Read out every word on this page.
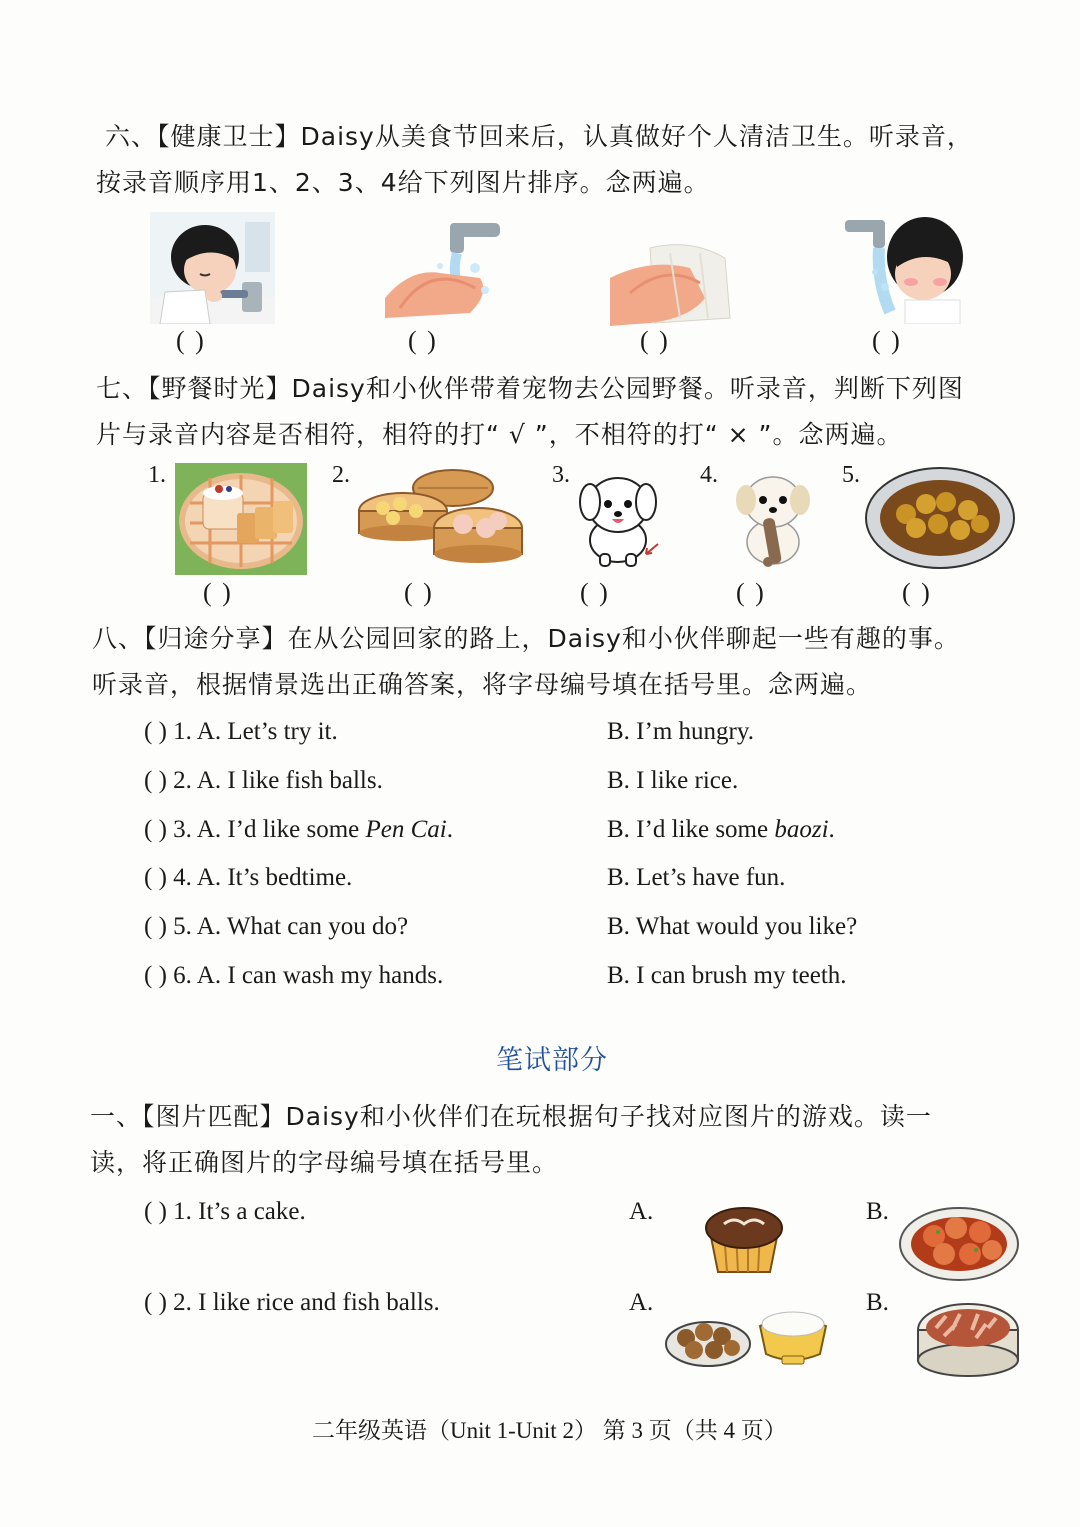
六、【健康卫士】Daisy从美食节回来后，认真做好个人清洁卫生。听录音，
按录音顺序用1、2、3、4给下列图片排序。念两遍。
( )	( )	( )	( )
七、【野餐时光】Daisy和小伙伴带着宠物去公园野餐。听录音，判断下列图
片与录音内容是否相符，相符的打“ √ ”，不相符的打“ × ”。念两遍。
1.	2.	3.	4.	5.
( )	( )	( )	( )	( )
八、【归途分享】在从公园回家的路上，Daisy和小伙伴聊起一些有趣的事。
听录音，根据情景选出正确答案，将字母编号填在括号里。念两遍。
( ) 1. A. Let’s try it.	B. I’m hungry.
( ) 2. A. I like fish balls.	B. I like rice.
( ) 3. A. I’d like some Pen Cai.	B. I’d like some baozi.
( ) 4. A. It’s bedtime.	B. Let’s have fun.
( ) 5. A. What can you do?	B. What would you like?
( ) 6. A. I can wash my hands.	B. I can brush my teeth.
笔试部分
一、【图片匹配】Daisy和小伙伴们在玩根据句子找对应图片的游戏。读一
读，将正确图片的字母编号填在括号里。
( ) 1. It’s a cake.	A.	B.
( ) 2. I like rice and fish balls.	A.	B.
二年级英语（Unit 1-Unit 2） 第 3 页（共 4 页）
